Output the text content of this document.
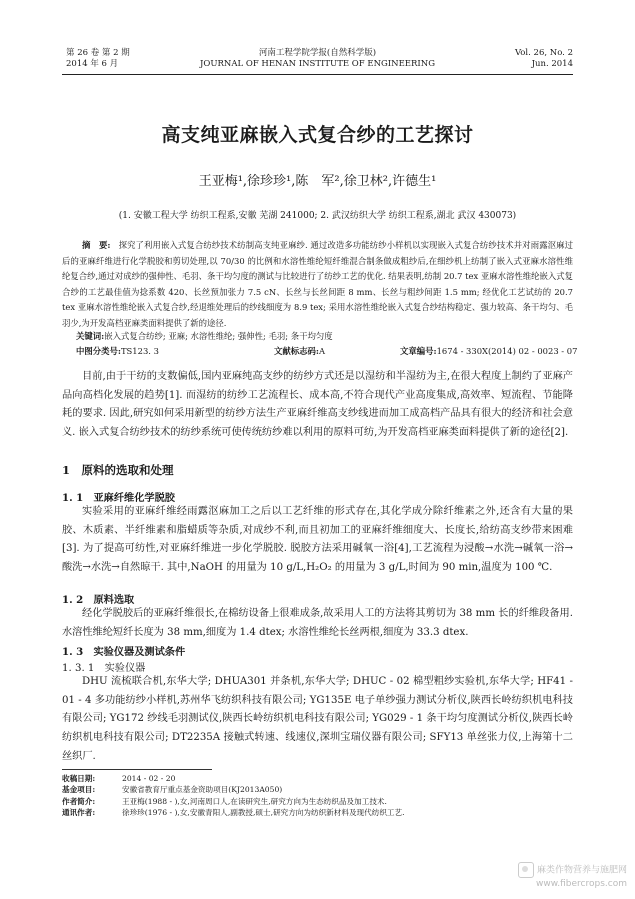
第 26 卷 第 2 期
2014 年 6 月
河南工程学院学报(自然科学版)
JOURNAL OF HENAN INSTITUTE OF ENGINEERING
Vol. 26, No. 2
Jun. 2014
高支纯亚麻嵌入式复合纱的工艺探讨
王亚梅¹,徐珍珍¹,陈　军²,徐卫林²,许德生¹
(1. 安徽工程大学 纺织工程系,安徽 芜湖 241000; 2. 武汉纺织大学 纺织工程系,湖北 武汉 430073)
摘　要: 探究了利用嵌入式复合纺纱技术纺制高支纯亚麻纱. 通过改造多功能纺纱小样机以实现嵌入式复合纺纱技术并对雨露沤麻过后的亚麻纤维进行化学脱胶和剪切处理,以 70/30 的比例和水溶性维纶短纤维混合制条做成粗纱后,在细纱机上纺制了嵌入式亚麻水溶性维纶复合纱,通过对成纱的强伸性、毛羽、条干均匀度的测试与比较进行了纺纱工艺的优化. 结果表明,纺制 20.7 tex 亚麻水溶性维纶嵌入式复合纱的工艺最佳值为捻系数 420、长丝预加张力 7.5 cN、长丝与长丝间距 8 mm、长丝与粗纱间距 1.5 mm; 经优化工艺试纺的 20.7 tex 亚麻水溶性维纶嵌入式复合纱,经退维处理后的纱线细度为 8.9 tex; 采用水溶性维纶嵌入式复合纱结构稳定、强力较高、条干均匀、毛羽少,为开发高档亚麻类面料提供了新的途径.
关键词:嵌入式复合纺纱; 亚麻; 水溶性维纶; 强伸性; 毛羽; 条干均匀度
中图分类号:TS123. 3	文献标志码:A	文章编号:1674 - 330X(2014) 02 - 0023 - 07
目前,由于干纺的支数偏低,国内亚麻纯高支纱的纺纱方式还是以湿纺和半湿纺为主,在很大程度上制约了亚麻产品向高档化发展的趋势[1]. 而湿纺的纺纱工艺流程长、成本高,不符合现代产业高度集成,高效率、短流程、节能降耗的要求. 因此,研究如何采用新型的纺纱方法生产亚麻纤维高支纱线进而加工成高档产品具有很大的经济和社会意义. 嵌入式复合纺纱技术的纺纱系统可使传统纺纱难以利用的原料可纺,为开发高档亚麻类面料提供了新的途径[2].
1　原料的选取和处理
1. 1　亚麻纤维化学脱胶
实验采用的亚麻纤维经雨露沤麻加工之后以工艺纤维的形式存在,其化学成分除纤维素之外,还含有大量的果胶、木质素、半纤维素和脂蜡质等杂质,对成纱不利,而且初加工的亚麻纤维细度大、长度长,给纺高支纱带来困难[3]. 为了提高可纺性,对亚麻纤维进一步化学脱胶. 脱胶方法采用碱氧一浴[4],工艺流程为浸酸→水洗→碱氧一浴→酸洗→水洗→自然晾干. 其中,NaOH 的用量为 10 g/L,H₂O₂ 的用量为 3 g/L,时间为 90 min,温度为 100 ℃.
1. 2　原料选取
经化学脱胶后的亚麻纤维很长,在棉纺设备上很难成条,故采用人工的方法将其剪切为 38 mm 长的纤维段备用. 水溶性维纶短纤长度为 38 mm,细度为 1.4 dtex; 水溶性维纶长丝两根,细度为 33.3 dtex.
1. 3　实验仪器及测试条件
1. 3. 1　实验仪器
DHU 流梳联合机,东华大学; DHUA301 并条机,东华大学; DHUC - 02 棉型粗纱实验机,东华大学; HF41 - 01 - 4 多功能纺纱小样机,苏州华飞纺织科技有限公司; YG135E 电子单纱强力测试分析仪,陕西长岭纺织机电科技有限公司; YG172 纱线毛羽测试仪,陕西长岭纺织机电科技有限公司; YG029 - 1 条干均匀度测试分析仪,陕西长岭纺织机电科技有限公司; DT2235A 接触式转速、线速仪,深圳宝瑞仪器有限公司; SFY13 单丝张力仪,上海第十二丝织厂.
收稿日期:	2014 - 02 - 20
基金项目:	安徽省教育厅重点基金资助项目(KJ2013A050)
作者简介:	王亚梅(1988 - ),女,河南周口人,在读研究生,研究方向为生态纺织品及加工技术.
通讯作者:	徐珍珍(1976 - ),女,安徽青阳人,副教授,硕士,研究方向为纺织新材料及现代纺织工艺.
麻类作物营养与施肥网
www.fibercrops.com
